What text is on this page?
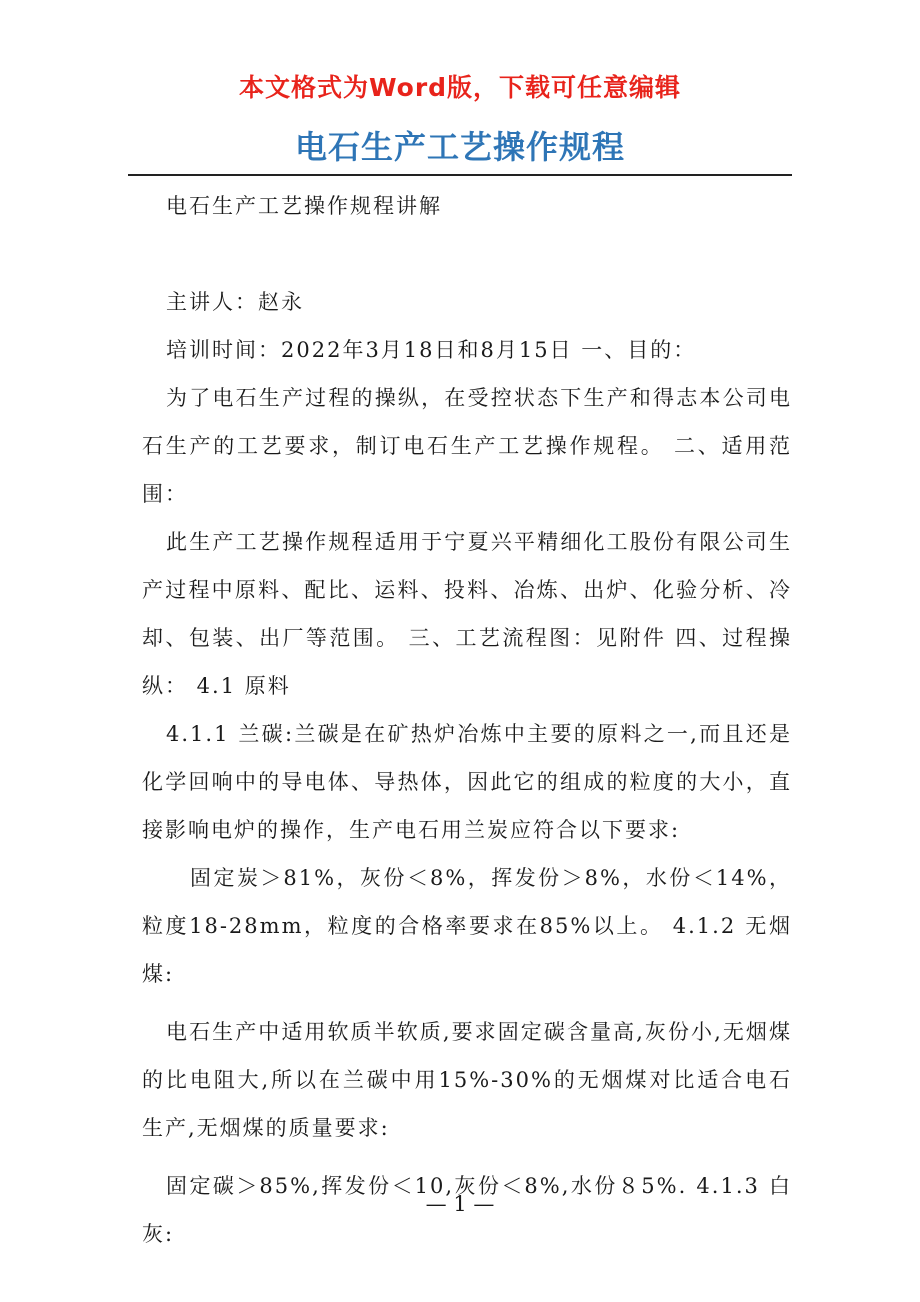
本文格式为Word版，下载可任意编辑
电石生产工艺操作规程

电石生产工艺操作规程讲解

主讲人：赵永

培训时间：2022年3月18日和8月15日 一、目的：

为了电石生产过程的操纵，在受控状态下生产和得志本公司电石生产的工艺要求，制订电石生产工艺操作规程。 二、适用范围：

此生产工艺操作规程适用于宁夏兴平精细化工股份有限公司生产过程中原料、配比、运料、投料、冶炼、出炉、化验分析、冷却、包装、出厂等范围。 三、工艺流程图：见附件 四、过程操纵： 4.1 原料

4.1.1 兰碳:兰碳是在矿热炉冶炼中主要的原料之一,而且还是化学回响中的导电体、导热体，因此它的组成的粒度的大小，直接影响电炉的操作，生产电石用兰炭应符合以下要求:

固定炭＞81%，灰份＜8%，挥发份＞8%，水份＜14%，粒度18-28mm，粒度的合格率要求在85%以上。 4.1.2 无烟煤:

电石生产中适用软质半软质,要求固定碳含量高,灰份小,无烟煤的比电阻大,所以在兰碳中用15%-30%的无烟煤对比适合电石生产,无烟煤的质量要求:

固定碳＞85%,挥发份＜10,灰份＜8%,水份８5%. 4.1.3 白灰:

— 1 —
